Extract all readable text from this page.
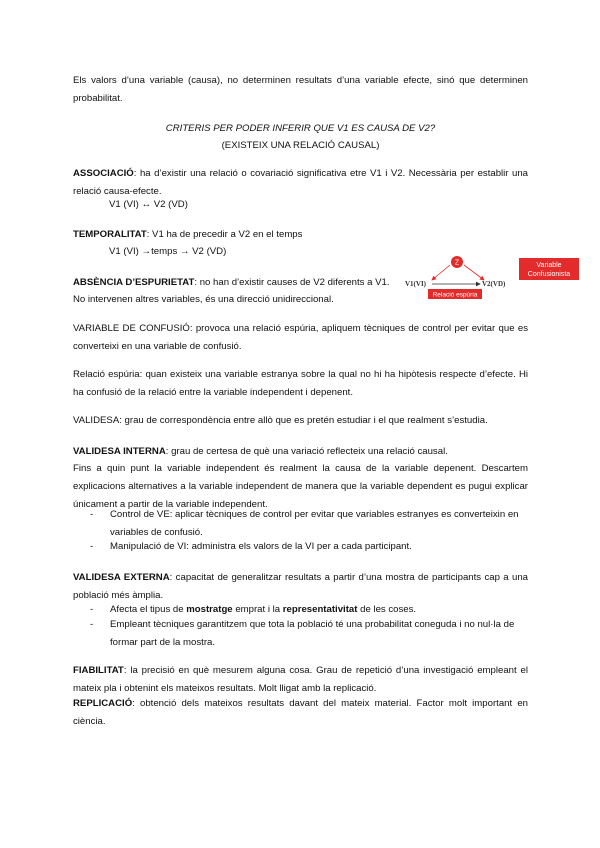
Els valors d’una variable (causa), no determinen resultats d’una variable efecte, sinó que determinen probabilitat.

CRITERIS PER PODER INFERIR QUE V1 ES CAUSA DE V2?

(EXISTEIX UNA RELACIÓ CAUSAL)

ASSOCIACIÓ: ha d’existir una relació o covariació significativa etre V1 i V2. Necessària per establir una relació causa-efecte.

V1 (VI) ↔ V2 (VD)

TEMPORALITAT: V1 ha de precedir a V2 en el temps

V1 (VI) →temps → V2 (VD)

ABSÈNCIA D’ESPURIETAT: no han d’existir causes de V2 diferents a V1.

No intervenen altres variables, és una direcció unidireccional.

Z
V1(VI)	V2(VD)
Variable
Confusionista
Relació espúria

VARIABLE DE CONFUSIÓ: provoca una relació espúria, apliquem tècniques de control per evitar que es converteixi en una variable de confusió.

Relació espúria: quan existeix una variable estranya sobre la qual no hi ha hipòtesis respecte d’efecte. Hi ha confusió de la relació entre la variable independent i depenent.

VALIDESA: grau de correspondència entre allò que es pretén estudiar i el que realment s’estudia.

VALIDESA INTERNA: grau de certesa de què una variació reflecteix una relació causal.

Fins a quin punt la variable independent és realment la causa de la variable depenent. Descartem explicacions alternatives a la variable independent de manera que la variable dependent es pugui explicar únicament a partir de la variable independent.

- Control de VE: aplicar tècniques de control per evitar que variables estranyes es converteixin en variables de confusió.
- Manipulació de VI: administra els valors de la VI per a cada participant.

VALIDESA EXTERNA: capacitat de generalitzar resultats a partir d’una mostra de participants cap a una població més àmplia.

- Afecta el tipus de mostratge emprat i la representativitat de les coses.
- Empleant tècniques garantitzem que tota la població té una probabilitat coneguda i no nul·la de formar part de la mostra.

FIABILITAT: la precisió en què mesurem alguna cosa. Grau de repetició d’una investigació empleant el mateix pla i obtenint els mateixos resultats. Molt lligat amb la replicació.

REPLICACIÓ: obtenció dels mateixos resultats davant del mateix material. Factor molt important en ciència.
